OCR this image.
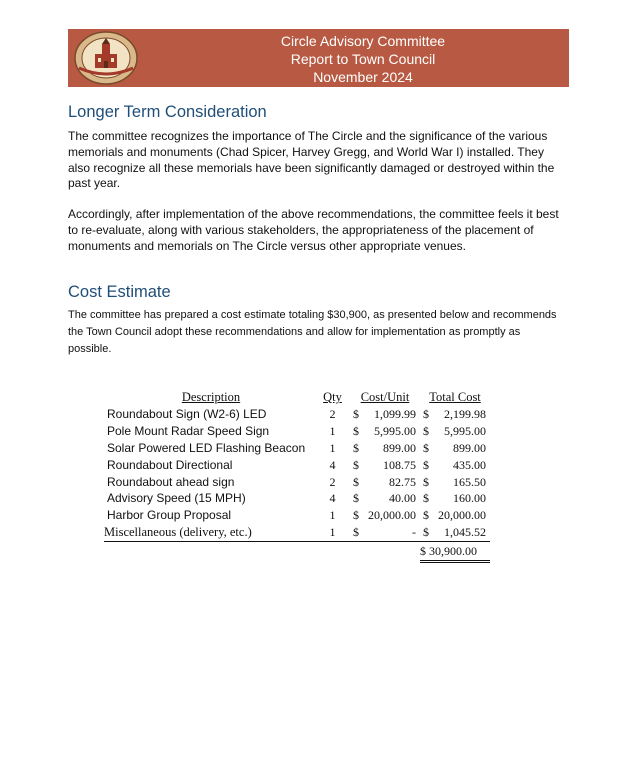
Circle Advisory Committee
Report to Town Council
November 2024
Longer Term Consideration

The committee recognizes the importance of The Circle and the significance of the various memorials and monuments (Chad Spicer, Harvey Gregg, and World War I) installed. They also recognize all these memorials have been significantly damaged or destroyed within the past year.

Accordingly, after implementation of the above recommendations, the committee feels it best to re-evaluate, along with various stakeholders, the appropriateness of the placement of monuments and memorials on The Circle versus other appropriate venues.

Cost Estimate

The committee has prepared a cost estimate totaling $30,900, as presented below and recommends the Town Council adopt these recommendations and allow for implementation as promptly as possible.

Description	Qty	Cost/Unit	Total Cost
Roundabout Sign (W2-6) LED	2	$ 1,099.99	$ 2,199.98

Pole Mount Radar Speed Sign	1	$ 5,995.00	$ 5,995.00

Solar Powered LED Flashing Beacon	1	$ 899.00	$ 899.00

Roundabout Directional	4	$ 108.75	$ 435.00

Roundabout ahead sign	2	$ 82.75	$ 165.50

Advisory Speed (15 MPH)	4	$ 40.00	$ 160.00

Harbor Group Proposal	1	$ 20,000.00	$ 20,000.00

Miscellaneous (delivery, etc.)	1	$ -	$ 1,045.52

			$ 30,900.00
